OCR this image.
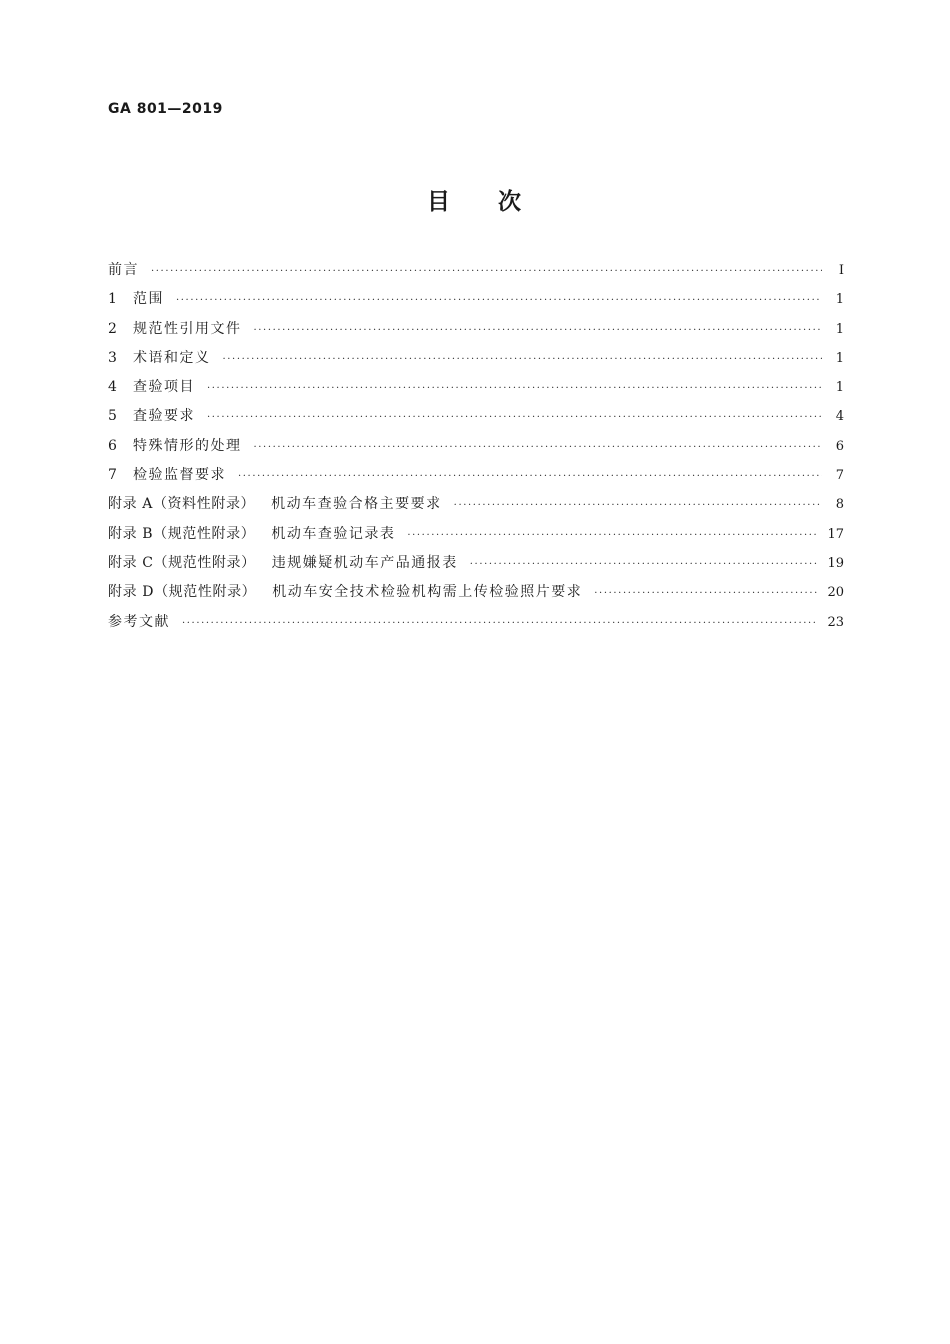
GA 801—2019
目 次
前言 ·····	Ⅰ
1	范围 ·····	1
2	规范性引用文件 ·····	1
3	术语和定义 ·····	1
4	查验项目 ·····	1
5	査验要求 ·····	4
6	特殊情形的处理 ·····	6
7	检验监督要求 ·····	7
附录 A（资料性附录） 机动车查验合格主要要求 ·····	8
附录 B（规范性附录） 机动车查验记录表 ·····	17
附录 C（规范性附录） 违规嫌疑机动车产品通报表 ·····	19
附录 D（规范性附录） 机动车安全技术检验机构需上传检验照片要求 ·····	20
参考文献 ·····	23
